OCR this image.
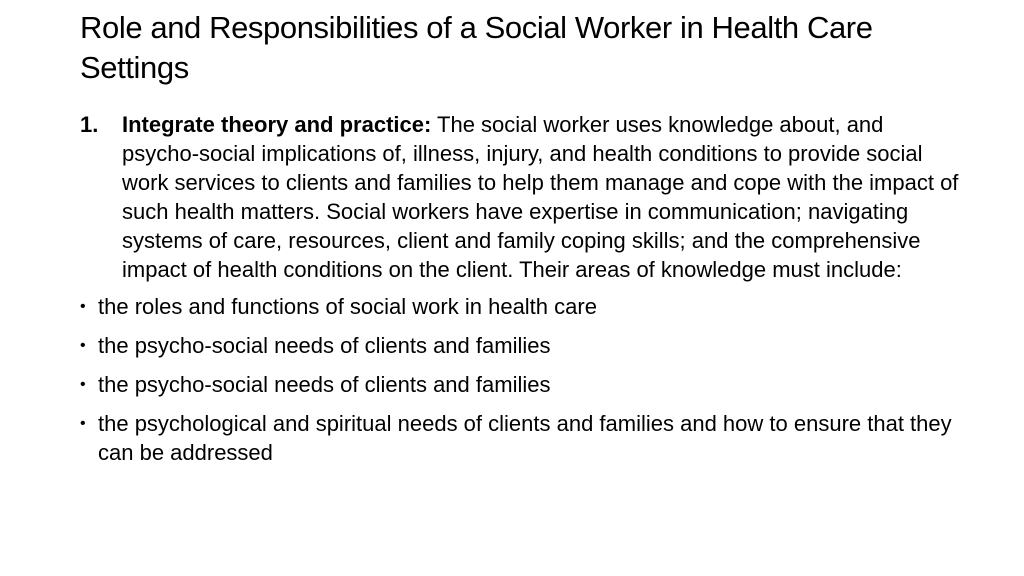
Role and Responsibilities of a Social Worker in Health Care Settings
1. Integrate theory and practice: The social worker uses knowledge about, and psycho-social implications of, illness, injury, and health conditions to provide social work services to clients and families to help them manage and cope with the impact of such health matters. Social workers have expertise in communication; navigating systems of care, resources, client and family coping skills; and the comprehensive impact of health conditions on the client. Their areas of knowledge must include:
• the roles and functions of social work in health care
• the psycho-social needs of clients and families
• the psycho-social needs of clients and families
• the psychological and spiritual needs of clients and families and how to ensure that they can be addressed
